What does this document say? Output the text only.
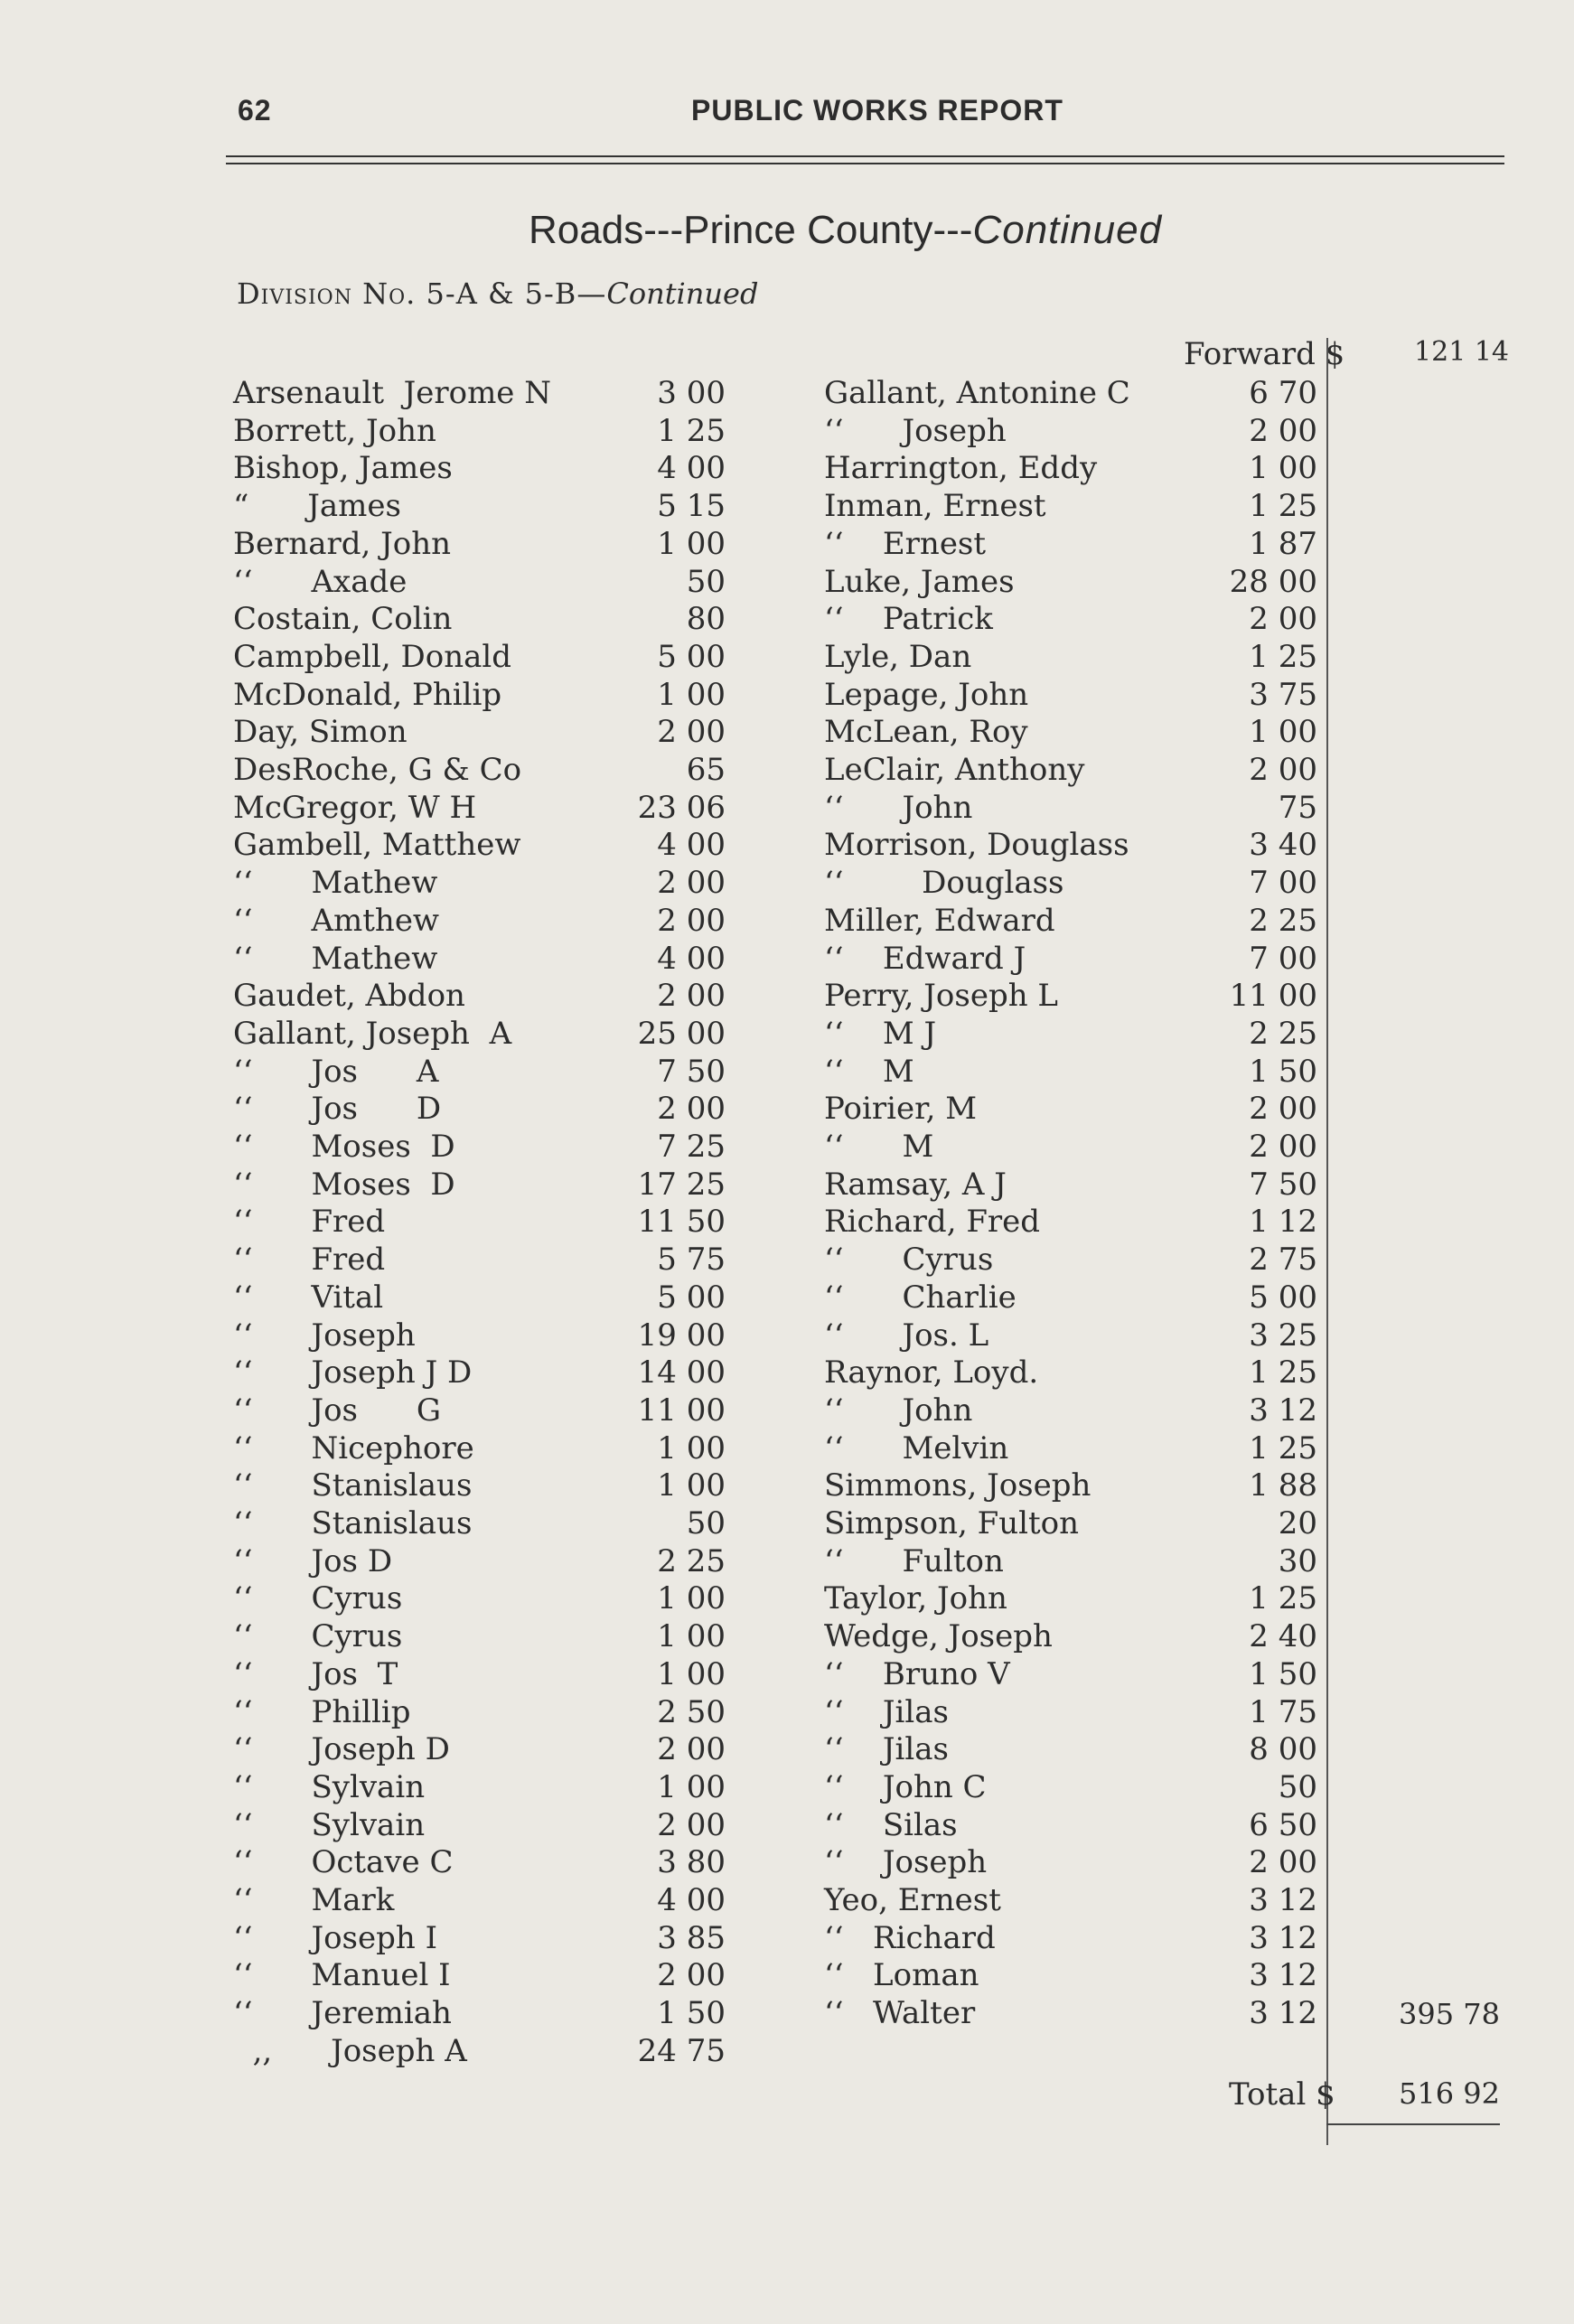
62	PUBLIC WORKS REPORT
Roads---Prince County---Continued
Division No. 5-A & 5-B—Continued
Forward $	121 14
Arsenault  Jerome N	3 00
Borrett, John	1 25
Bishop, James	4 00
“      James	5 15
Bernard, John	1 00
‘‘      Axade	50
Costain, Colin	80
Campbell, Donald	5 00
McDonald, Philip	1 00
Day, Simon	2 00
DesRoche, G & Co	65
McGregor, W H	23 06
Gambell, Matthew	4 00
‘‘      Mathew	2 00
‘‘      Amthew	2 00
‘‘      Mathew	4 00
Gaudet, Abdon	2 00
Gallant, Joseph  A	25 00
‘‘      Jos      A	7 50
‘‘      Jos      D	2 00
‘‘      Moses  D	7 25
‘‘      Moses  D	17 25
‘‘      Fred	11 50
‘‘      Fred	5 75
‘‘      Vital	5 00
‘‘      Joseph	19 00
‘‘      Joseph J D	14 00
‘‘      Jos      G	11 00
‘‘      Nicephore	1 00
‘‘      Stanislaus	1 00
‘‘      Stanislaus	50
‘‘      Jos D	2 25
‘‘      Cyrus	1 00
‘‘      Cyrus	1 00
‘‘      Jos  T	1 00
‘‘      Phillip	2 50
‘‘      Joseph D	2 00
‘‘      Sylvain	1 00
‘‘      Sylvain	2 00
‘‘      Octave C	3 80
‘‘      Mark	4 00
‘‘      Joseph I	3 85
‘‘      Manuel I	2 00
‘‘      Jeremiah	1 50
,,      Joseph A	24 75
Gallant, Antonine C	6 70
‘‘      Joseph	2 00
Harrington, Eddy	1 00
Inman, Ernest	1 25
‘‘    Ernest	1 87
Luke, James	28 00
‘‘    Patrick	2 00
Lyle, Dan	1 25
Lepage, John	3 75
McLean, Roy	1 00
LeClair, Anthony	2 00
‘‘      John	75
Morrison, Douglass	3 40
‘‘        Douglass	7 00
Miller, Edward	2 25
‘‘    Edward J	7 00
Perry, Joseph L	11 00
‘‘    M J	2 25
‘‘    M	1 50
Poirier, M	2 00
‘‘      M	2 00
Ramsay, A J	7 50
Richard, Fred	1 12
‘‘      Cyrus	2 75
‘‘      Charlie	5 00
‘‘      Jos. L	3 25
Raynor, Loyd.	1 25
‘‘      John	3 12
‘‘      Melvin	1 25
Simmons, Joseph	1 88
Simpson, Fulton	20
‘‘      Fulton	30
Taylor, John	1 25
Wedge, Joseph	2 40
‘‘    Bruno V	1 50
‘‘    Jilas	1 75
‘‘    Jilas	8 00
‘‘    John C	50
‘‘    Silas	6 50
‘‘    Joseph	2 00
Yeo, Ernest	3 12
‘‘   Richard	3 12
‘‘   Loman	3 12
‘‘   Walter	3 12	395 78
Total $	516 92
